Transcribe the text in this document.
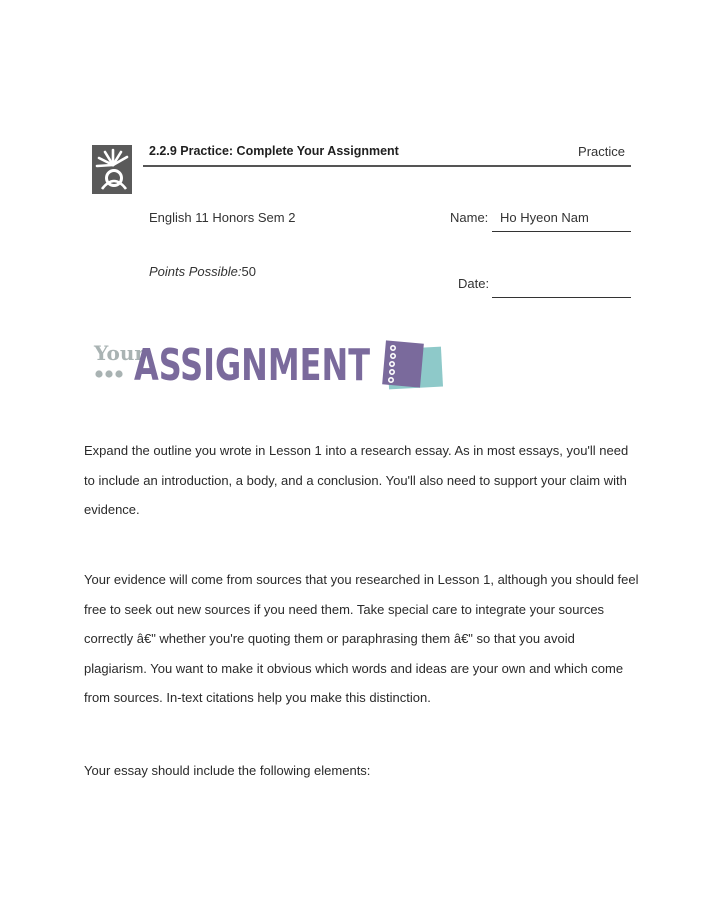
2.2.9 Practice: Complete Your Assignment	Practice
English 11 Honors Sem 2	Name: Ho Hyeon Nam
Points Possible:50
Date:
Your
ASSIGNMENT

Expand the outline you wrote in Lesson 1 into a research essay. As in most essays, you'll need to include an introduction, a body, and a conclusion. You'll also need to support your claim with evidence.

Your evidence will come from sources that you researched in Lesson 1, although you should feel free to seek out new sources if you need them. Take special care to integrate your sources correctly â€" whether you're quoting them or paraphrasing them â€" so that you avoid plagiarism. You want to make it obvious which words and ideas are your own and which come from sources. In-text citations help you make this distinction.

Your essay should include the following elements:
